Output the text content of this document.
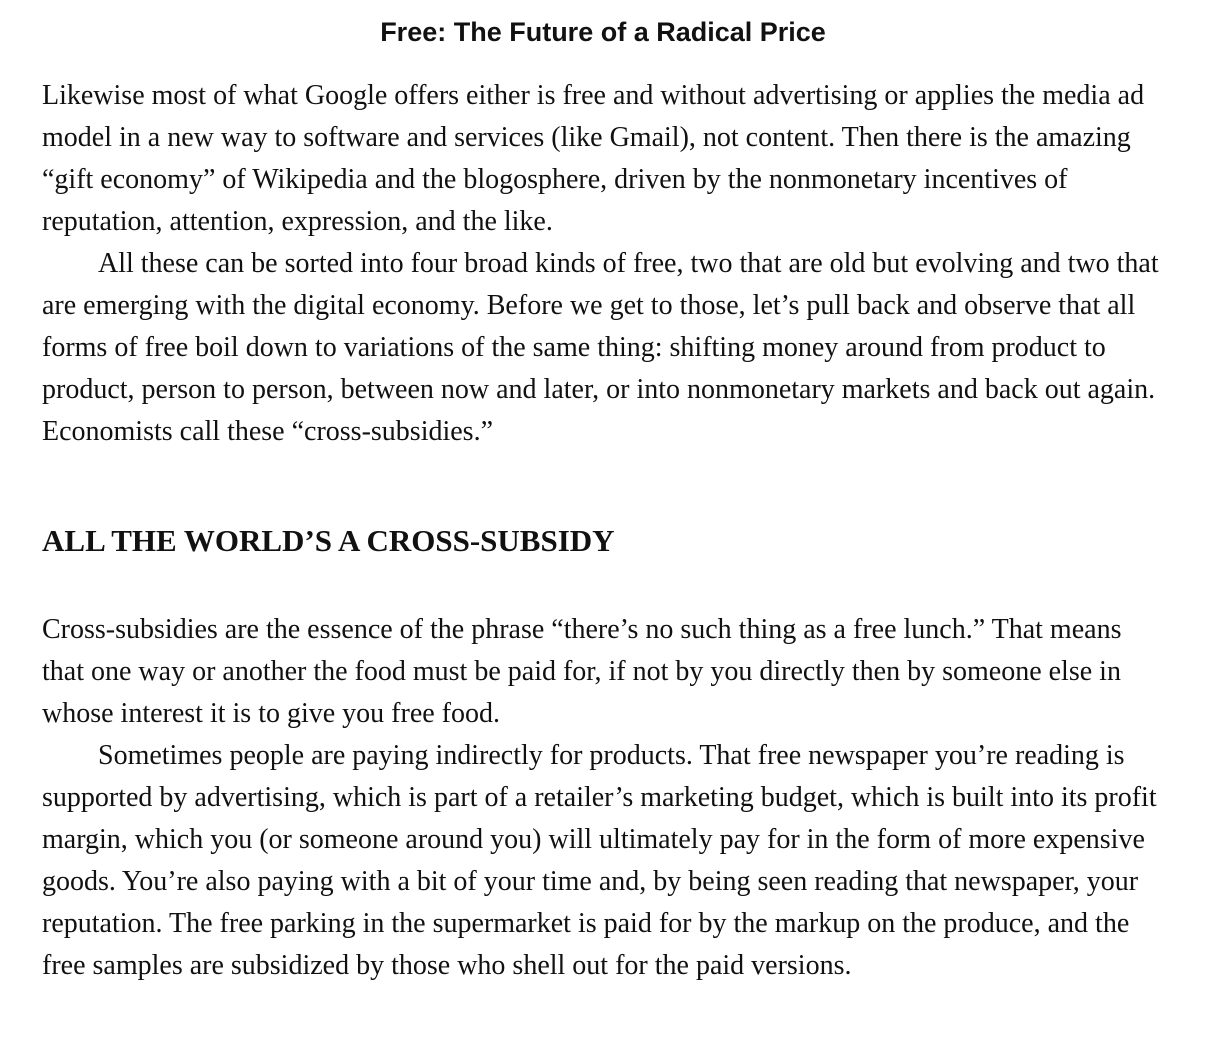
Free: The Future of a Radical Price

Likewise most of what Google offers either is free and without advertising or applies the media ad model in a new way to software and services (like Gmail), not content. Then there is the amazing “gift economy” of Wikipedia and the blogosphere, driven by the nonmonetary incentives of reputation, attention, expression, and the like.

All these can be sorted into four broad kinds of free, two that are old but evolving and two that are emerging with the digital economy. Before we get to those, let’s pull back and observe that all forms of free boil down to variations of the same thing: shifting money around from product to product, person to person, between now and later, or into nonmonetary markets and back out again. Economists call these “cross-subsidies.”

ALL THE WORLD’S A CROSS-SUBSIDY

Cross-subsidies are the essence of the phrase “there’s no such thing as a free lunch.” That means that one way or another the food must be paid for, if not by you directly then by someone else in whose interest it is to give you free food.

Sometimes people are paying indirectly for products. That free newspaper you’re reading is supported by advertising, which is part of a retailer’s marketing budget, which is built into its profit margin, which you (or someone around you) will ultimately pay for in the form of more expensive goods. You’re also paying with a bit of your time and, by being seen reading that newspaper, your reputation. The free parking in the supermarket is paid for by the markup on the produce, and the free samples are subsidized by those who shell out for the paid versions.
